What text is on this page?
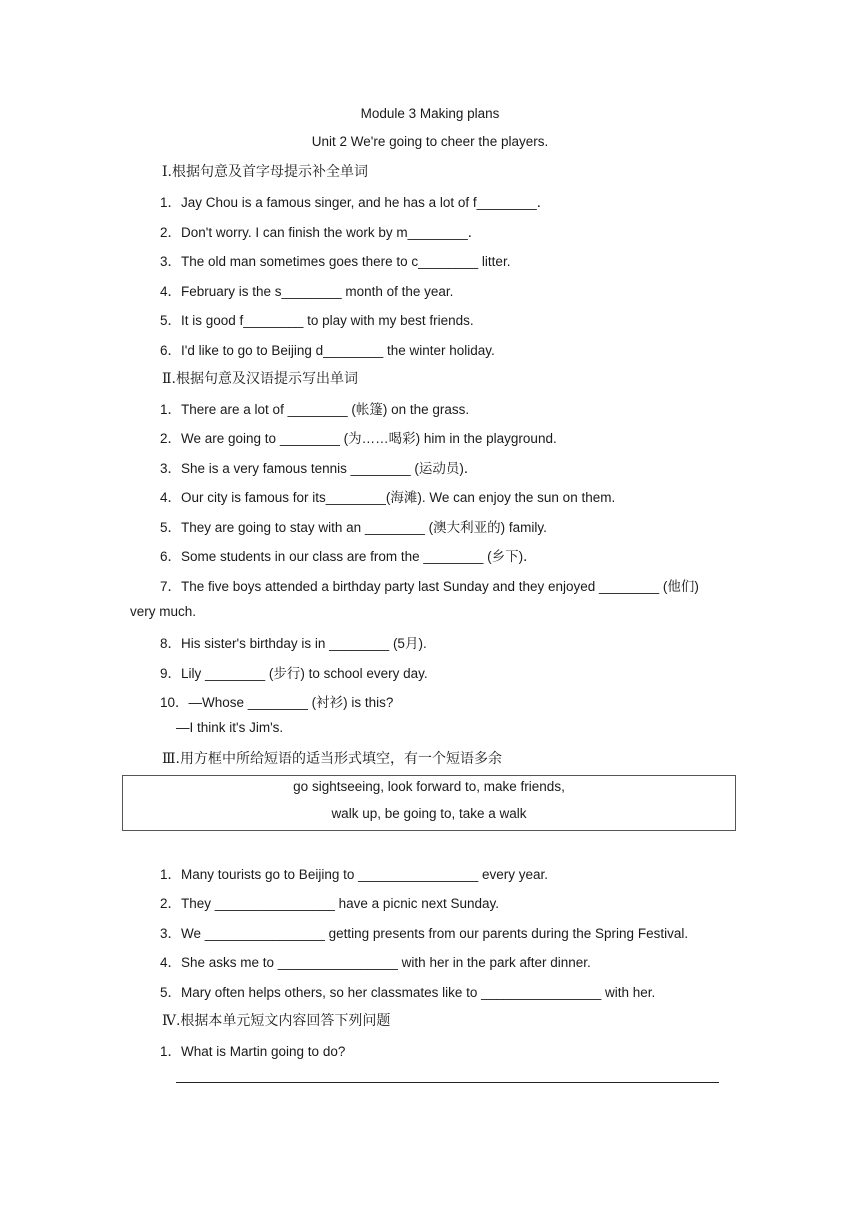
Module 3 Making plans
Unit 2 We're going to cheer the players.
Ⅰ.根据句意及首字母提示补全单词
1．Jay Chou is a famous singer, and he has a lot of f________．
2．Don't worry. I can finish the work by m________．
3．The old man sometimes goes there to c________ litter.
4．February is the s________ month of the year.
5．It is good f________ to play with my best friends.
6．I'd like to go to Beijing d________ the winter holiday.
Ⅱ.根据句意及汉语提示写出单词
1．There are a lot of ________ (帐篷) on the grass.
2．We are going to ________ (为……喝彩) him in the playground.
3．She is a very famous tennis ________ (运动员)．
4．Our city is famous for its________(海滩). We can enjoy the sun on them.
5．They are going to stay with an ________ (澳大利亚的) family.
6．Some students in our class are from the ________ (乡下)．
7．The five boys attended a birthday party last Sunday and they enjoyed ________ (他们)
very much.
8．His sister's birthday is in ________ (5月).
9．Lily ________ (步行) to school every day.
10．—Whose ________ (衬衫) is this?
—I think it's Jim's.
Ⅲ.用方框中所给短语的适当形式填空，有一个短语多余
go sightseeing, look forward to, make friends,
walk up, be going to, take a walk
1．Many tourists go to Beijing to ________________ every year.
2．They ________________ have a picnic next Sunday.
3．We ________________ getting presents from our parents during the Spring Festival.
4．She asks me to ________________ with her in the park after dinner.
5．Mary often helps others, so her classmates like to ________________ with her.
Ⅳ.根据本单元短文内容回答下列问题
1．What is Martin going to do?
